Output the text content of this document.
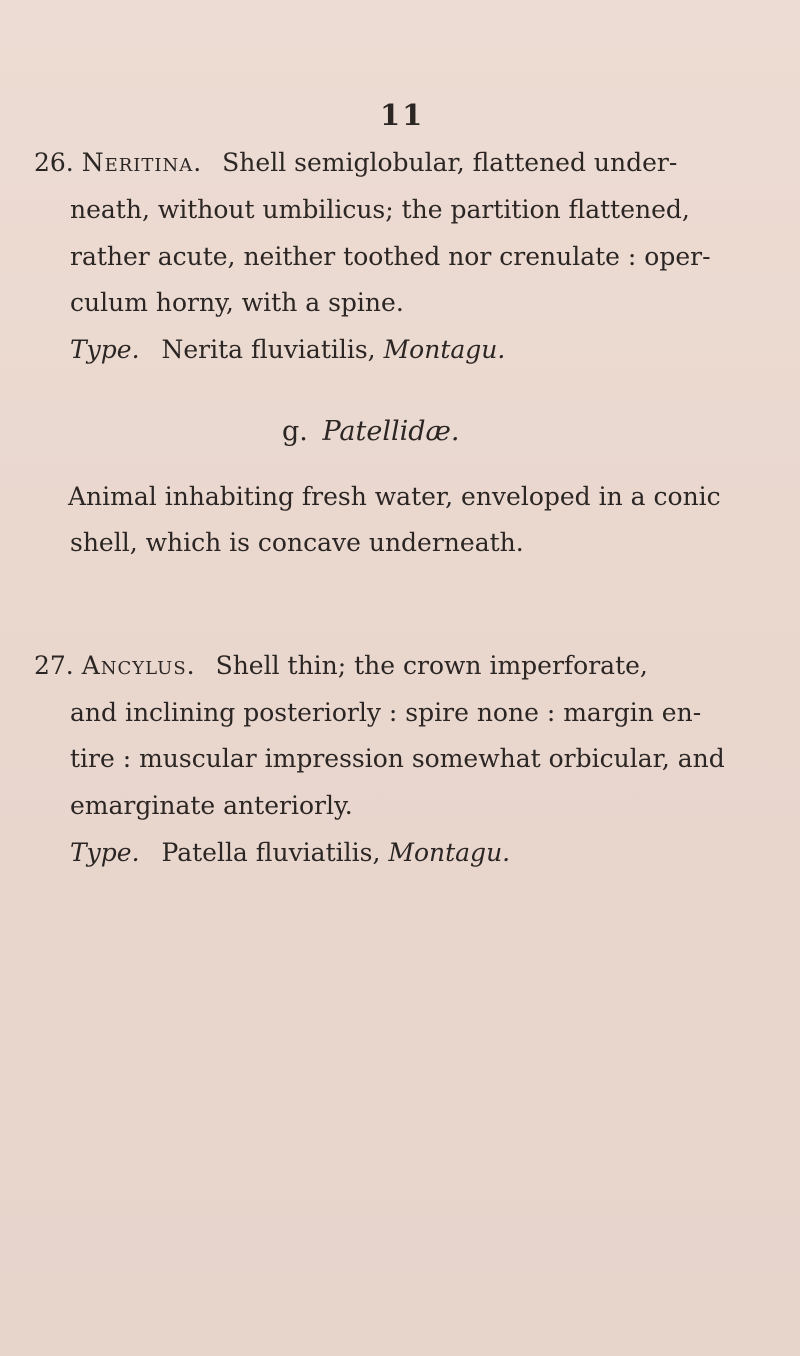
11
26. Neritina. Shell semiglobular, flattened under-
neath, without umbilicus; the partition flattened,
rather acute, neither toothed nor crenulate : oper-
culum horny, with a spine.
Type. Nerita fluviatilis, Montagu.
g. Patellidæ.
Animal inhabiting fresh water, enveloped in a conic
shell, which is concave underneath.
27. Ancylus. Shell thin; the crown imperforate,
and inclining posteriorly : spire none : margin en-
tire : muscular impression somewhat orbicular, and
emarginate anteriorly.
Type. Patella fluviatilis, Montagu.
